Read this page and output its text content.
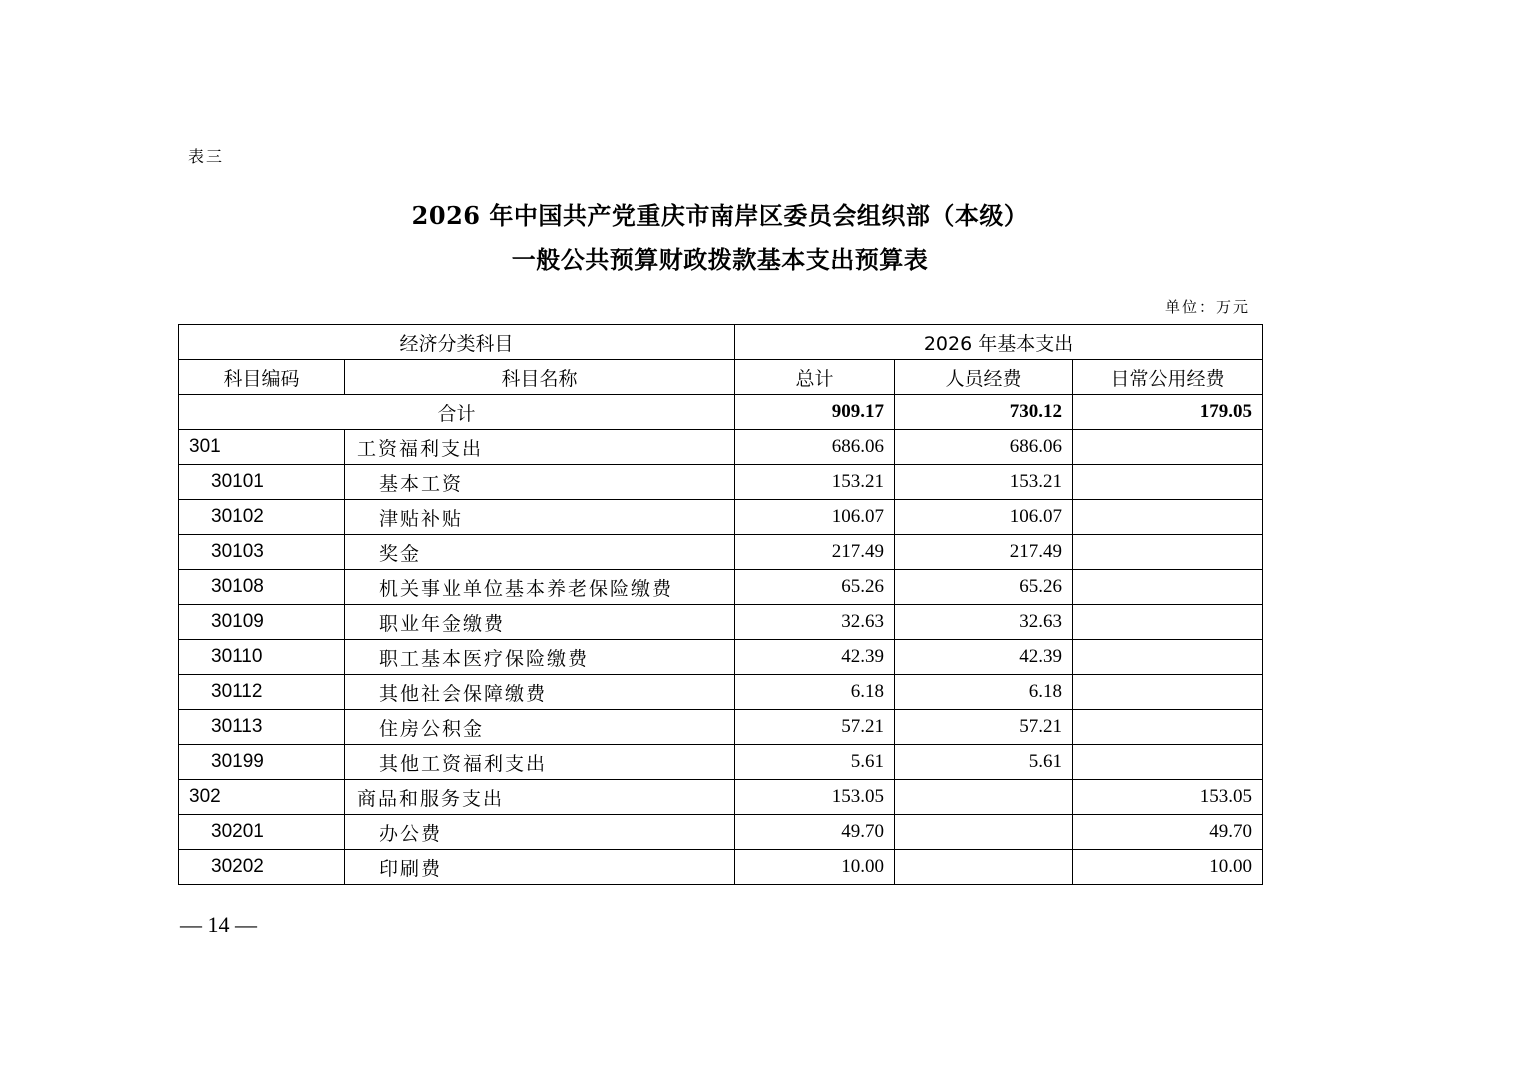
表三
2026 年中国共产党重庆市南岸区委员会组织部（本级）
一般公共预算财政拨款基本支出预算表
单位：万元
经济分类科目		2026 年基本支出		
科目编码	科目名称	总计	人员经费	日常公用经费
合计		909.17	730.12	179.05
301	工资福利支出	686.06	686.06	
30101	基本工资	153.21	153.21	
30102	津贴补贴	106.07	106.07	
30103	奖金	217.49	217.49	
30108	机关事业单位基本养老保险缴费	65.26	65.26	
30109	职业年金缴费	32.63	32.63	
30110	职工基本医疗保险缴费	42.39	42.39	
30112	其他社会保障缴费	6.18	6.18	
30113	住房公积金	57.21	57.21	
30199	其他工资福利支出	5.61	5.61	
302	商品和服务支出	153.05		153.05
30201	办公费	49.70		49.70
30202	印刷费	10.00		10.00
— 14 —
